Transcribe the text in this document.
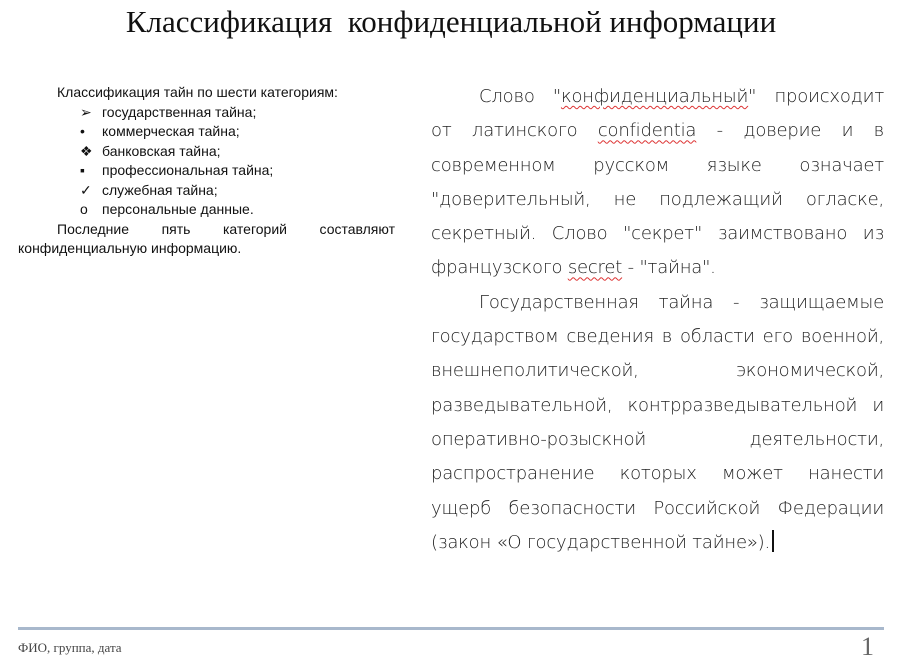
Классификация  конфиденциальной информации

Классификация тайн по шести категориям:

➢ государственная тайна;
•	коммерческая тайна;
❖ банковская тайна;
▪	профессиональная тайна;
✓ служебная тайна;
o	персональные данные.

Последние пять категорий составляют конфиденциальную информацию.

Слово "конфиденциальный" происходит от латинского confidentia - доверие и в современном русском языке означает "доверительный, не подлежащий огласке, секретный. Слово "секрет" заимствовано из французского secret - "тайна".

Государственная тайна - защищаемые государством сведения в области его военной, внешнеполитической, экономической, разведывательной, контрразведывательной и оперативно-розыскной деятельности, распространение которых может нанести ущерб безопасности Российской Федерации (закон «О государственной тайне»).

ФИО, группа, дата	1
